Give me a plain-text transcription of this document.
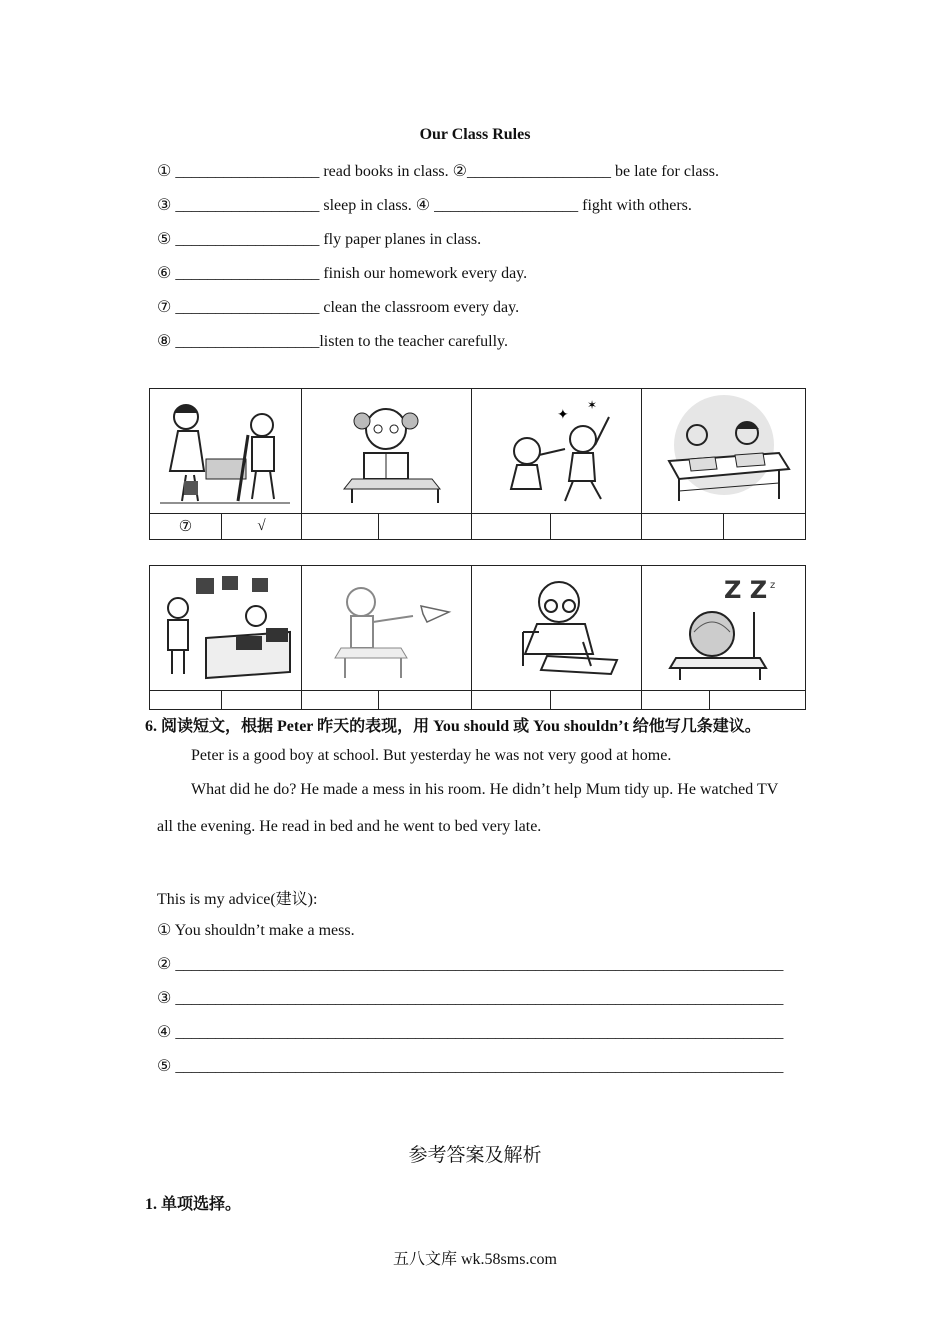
Our Class Rules
① __________________ read books in class. ②__________________ be late for class.
③ __________________ sleep in class. ④ __________________ fight with others.
⑤ __________________ fly paper planes in class.
⑥ __________________ finish our homework every day.
⑦ __________________ clean the classroom every day.
⑧ __________________listen to the teacher carefully.

✦
✶

⑦	√						

Z Z z	

6. 阅读短文，根据 Peter 昨天的表现，用 You should 或 You shouldn’t 给他写几条建议。
Peter is a good boy at school. But yesterday he was not very good at home.
What did he do? He made a mess in his room. He didn’t help Mum tidy up. He watched TV
all the evening. He read in bed and he went to bed very late.
This is my advice(建议):
① You shouldn’t make a mess.
② ____________________________________________________________________________
③ ____________________________________________________________________________
④ ____________________________________________________________________________
⑤ ____________________________________________________________________________
参考答案及解析
1. 单项选择。
五八文库 wk.58sms.com
